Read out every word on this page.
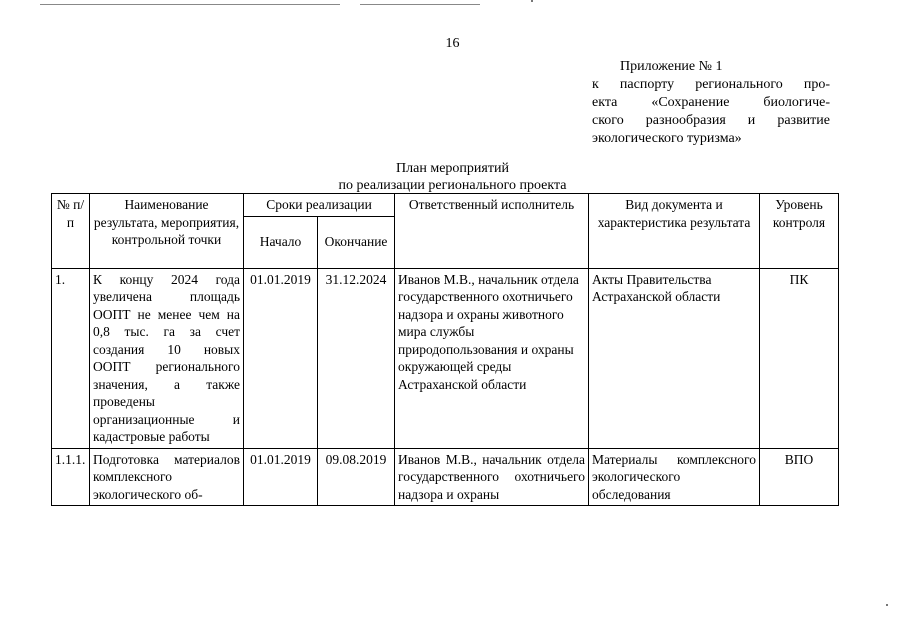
16
Приложение № 1
к паспорту регионального про-
екта «Сохранение биологиче-
ского разнообразия и развитие
экологического туризма»
План мероприятий
по реализации регионального проекта
№ п/п	Наименование результата, мероприятия, контрольной точки	Сроки реализации		Ответственный исполнитель	Вид документа и характеристика результата	Уровень контроля
		Начало	Окончание			
1.	К концу 2024 года увеличена площадь ООПТ не менее чем на 0,8 тыс. га за счет создания 10 новых ООПТ регионального значения, а также проведены организационные и кадастровые работы	01.01.2019	31.12.2024	Иванов М.В., начальник отдела государственного охотничьего надзора и охраны животного мира службы природопользования и охраны окружающей среды Астраханской области	Акты Правительства Астраханской области	ПК
1.1.1.	Подготовка материалов комплексного экологического об-	01.01.2019	09.08.2019	Иванов М.В., начальник отдела государственного охотничьего надзора и охраны	Материалы комплексного экологического обследования	ВПО
